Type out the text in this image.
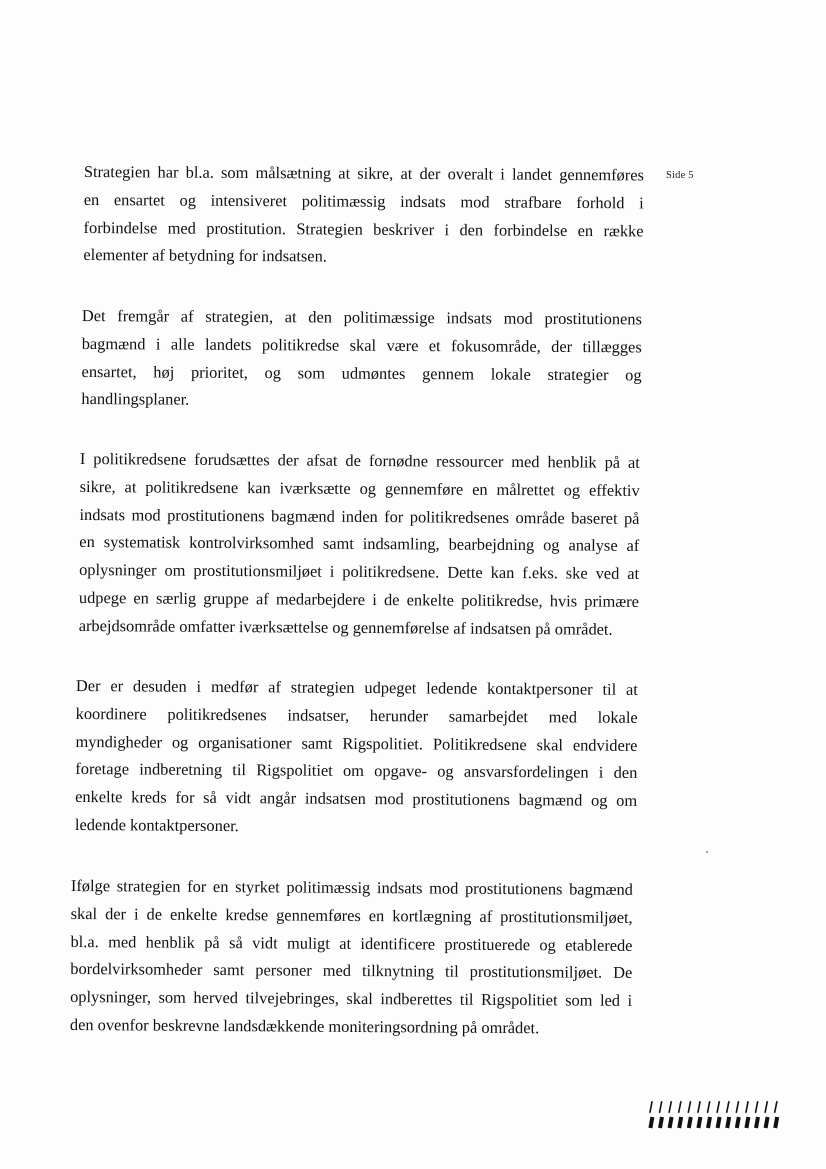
Side 5
Strategien har bl.a. som målsætning at sikre, at der overalt i landet gennemføres
en ensartet og intensiveret politimæssig indsats mod strafbare forhold i
forbindelse med prostitution. Strategien beskriver i den forbindelse en række
elementer af betydning for indsatsen.
Det fremgår af strategien, at den politimæssige indsats mod prostitutionens
bagmænd i alle landets politikredse skal være et fokusområde, der tillægges
ensartet, høj prioritet, og som udmøntes gennem lokale strategier og
handlingsplaner.
I politikredsene forudsættes der afsat de fornødne ressourcer med henblik på at
sikre, at politikredsene kan iværksætte og gennemføre en målrettet og effektiv
indsats mod prostitutionens bagmænd inden for politikredsenes område baseret på
en systematisk kontrolvirksomhed samt indsamling, bearbejdning og analyse af
oplysninger om prostitutionsmiljøet i politikredsene. Dette kan f.eks. ske ved at
udpege en særlig gruppe af medarbejdere i de enkelte politikredse, hvis primære
arbejdsområde omfatter iværksættelse og gennemførelse af indsatsen på området.
Der er desuden i medfør af strategien udpeget ledende kontaktpersoner til at
koordinere politikredsenes indsatser, herunder samarbejdet med lokale
myndigheder og organisationer samt Rigspolitiet. Politikredsene skal endvidere
foretage indberetning til Rigspolitiet om opgave- og ansvarsfordelingen i den
enkelte kreds for så vidt angår indsatsen mod prostitutionens bagmænd og om
ledende kontaktpersoner.
Ifølge strategien for en styrket politimæssig indsats mod prostitutionens bagmænd
skal der i de enkelte kredse gennemføres en kortlægning af prostitutionsmiljøet,
bl.a. med henblik på så vidt muligt at identificere prostituerede og etablerede
bordelvirksomheder samt personer med tilknytning til prostitutionsmiljøet. De
oplysninger, som herved tilvejebringes, skal indberettes til Rigspolitiet som led i
den ovenfor beskrevne landsdækkende moniteringsordning på området.
